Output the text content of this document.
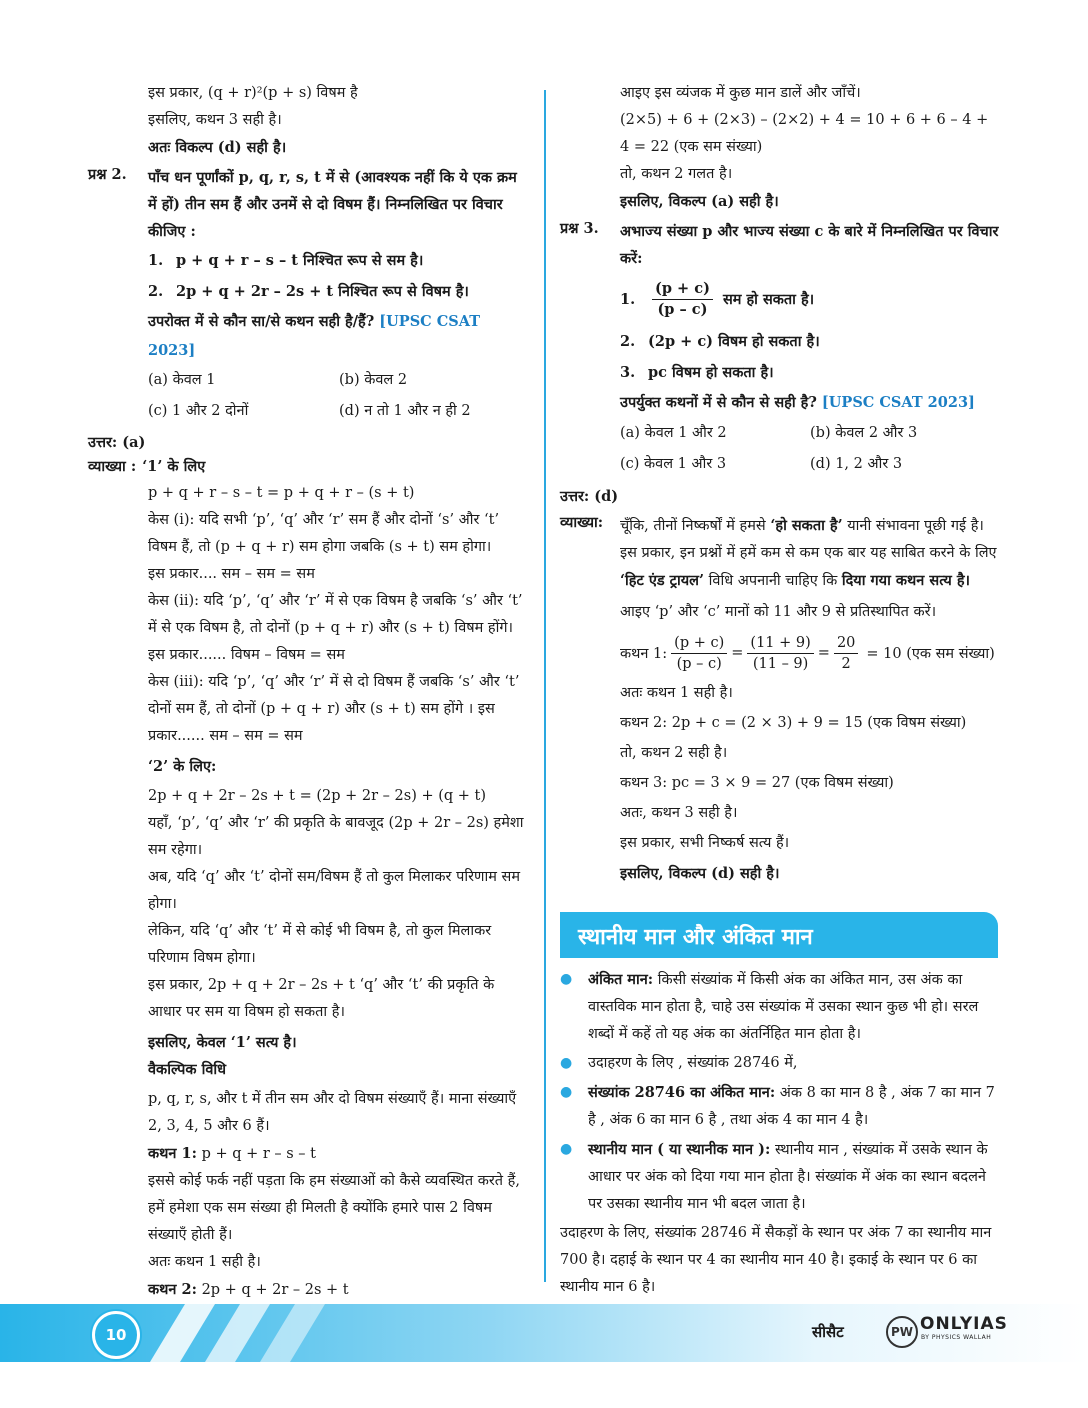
इस प्रकार, (q + r)²(p + s) विषम है

इसलिए, कथन 3 सही है।

अतः विकल्प (d) सही है।

प्रश्न 2.	पाँच धन पूर्णांकों p, q, r, s, t में से (आवश्यक नहीं कि ये एक क्रम में हों) तीन सम हैं और उनमें से दो विषम हैं। निम्नलिखित पर विचार कीजिए :
1. p + q + r – s – t निश्चित रूप से सम है।
2. 2p + q + 2r – 2s + t निश्चित रूप से विषम है।

उपरोक्त में से कौन सा/से कथन सही है/हैं? [UPSC CSAT 2023]

(a) केवल 1	(b) केवल 2
(c) 1 और 2 दोनों	(d) न तो 1 और न ही 2

उत्तर: (a)

व्याख्या : ‘1’ के लिए

p + q + r – s – t = p + q + r – (s + t)

केस (i): यदि सभी ‘p’, ‘q’ और ‘r’ सम हैं और दोनों ‘s’ और ‘t’ विषम हैं, तो (p + q + r) सम होगा जबकि (s + t) सम होगा।

इस प्रकार.... सम – सम = सम

केस (ii): यदि ‘p’, ‘q’ और ‘r’ में से एक विषम है जबकि ‘s’ और ‘t’ में से एक विषम है, तो दोनों (p + q + r) और (s + t) विषम होंगे। इस प्रकार...... विषम – विषम = सम

केस (iii): यदि ‘p’, ‘q’ और ‘r’ में से दो विषम हैं जबकि ‘s’ और ‘t’ दोनों सम हैं, तो दोनों (p + q + r) और (s + t) सम होंगे । इस प्रकार...... सम – सम = सम

‘2’ के लिए:

2p + q + 2r – 2s + t = (2p + 2r – 2s) + (q + t)

यहाँ, ‘p’, ‘q’ और ‘r’ की प्रकृति के बावजूद (2p + 2r – 2s) हमेशा सम रहेगा।

अब, यदि ‘q’ और ‘t’ दोनों सम/विषम हैं तो कुल मिलाकर परिणाम सम होगा।

लेकिन, यदि ‘q’ और ‘t’ में से कोई भी विषम है, तो कुल मिलाकर परिणाम विषम होगा।

इस प्रकार, 2p + q + 2r – 2s + t ‘q’ और ‘t’ की प्रकृति के आधार पर सम या विषम हो सकता है।

इसलिए, केवल ‘1’ सत्य है।

वैकल्पिक विधि

p, q, r, s, और t में तीन सम और दो विषम संख्याएँ हैं। माना संख्याएँ 2, 3, 4, 5 और 6 हैं।

कथन 1: p + q + r – s – t

इससे कोई फर्क नहीं पड़ता कि हम संख्याओं को कैसे व्यवस्थित करते हैं, हमें हमेशा एक सम संख्या ही मिलती है क्योंकि हमारे पास 2 विषम संख्याएँ होती हैं।

अतः कथन 1 सही है।

कथन 2: 2p + q + 2r – 2s + t

आइए इस व्यंजक में कुछ मान डालें और जाँचें।

(2×5) + 6 + (2×3) – (2×2) + 4 = 10 + 6 + 6 – 4 + 4 = 22 (एक सम संख्या)

तो, कथन 2 गलत है।

इसलिए, विकल्प (a) सही है।

प्रश्न 3.	अभाज्य संख्या p और भाज्य संख्या c के बारे में निम्नलिखित पर विचार करें:
1.	$\frac{(p + c)}{(p - c)}$ सम हो सकता है।
2. (2p + c) विषम हो सकता है।
3. pc विषम हो सकता है।

उपर्युक्त कथनों में से कौन से सही है? [UPSC CSAT 2023]

(a) केवल 1 और 2	(b) केवल 2 और 3
(c) केवल 1 और 3	(d) 1, 2 और 3

उत्तर: (d)

व्याख्या:	चूँकि, तीनों निष्कर्षों में हमसे ‘हो सकता है’ यानी संभावना पूछी गई है। इस प्रकार, इन प्रश्नों में हमें कम से कम एक बार यह साबित करने के लिए ‘हिट एंड ट्रायल’ विधि अपनानी चाहिए कि दिया गया कथन सत्य है।

आइए ‘p’ और ‘c’ मानों को 11 और 9 से प्रतिस्थापित करें।

कथन 1: $\frac{(p + c)}{(p - c)} = \frac{(11 + 9)}{(11 - 9)} = \frac{20}{2} = 10$ (एक सम संख्या)

अतः कथन 1 सही है।

कथन 2: 2p + c = (2 × 3) + 9 = 15 (एक विषम संख्या)

तो, कथन 2 सही है।

कथन 3: pc = 3 × 9 = 27 (एक विषम संख्या)

अतः, कथन 3 सही है।

इस प्रकार, सभी निष्कर्ष सत्य हैं।

इसलिए, विकल्प (d) सही है।

स्थानीय मान और अंकित मान
●	अंकित मान: किसी संख्यांक में किसी अंक का अंकित मान, उस अंक का वास्तविक मान होता है, चाहे उस संख्यांक में उसका स्थान कुछ भी हो। सरल शब्दों में कहें तो यह अंक का अंतर्निहित मान होता है।
●	उदाहरण के लिए , संख्यांक 28746 में,
●	संख्यांक 28746 का अंकित मान: अंक 8 का मान 8 है , अंक 7 का मान 7 है , अंक 6 का मान 6 है , तथा अंक 4 का मान 4 है।
●	स्थानीय मान ( या स्थानीक मान ): स्थानीय मान , संख्यांक में उसके स्थान के आधार पर अंक को दिया गया मान होता है। संख्यांक में अंक का स्थान बदलने पर उसका स्थानीय मान भी बदल जाता है।

उदाहरण के लिए, संख्यांक 28746 में सैकड़ों के स्थान पर अंक 7 का स्थानीय मान 700 है। दहाई के स्थान पर 4 का स्थानीय मान 40 है। इकाई के स्थान पर 6 का स्थानीय मान 6 है।

10	सीसैट	PW ONLYIAS
BY PHYSICS WALLAH
